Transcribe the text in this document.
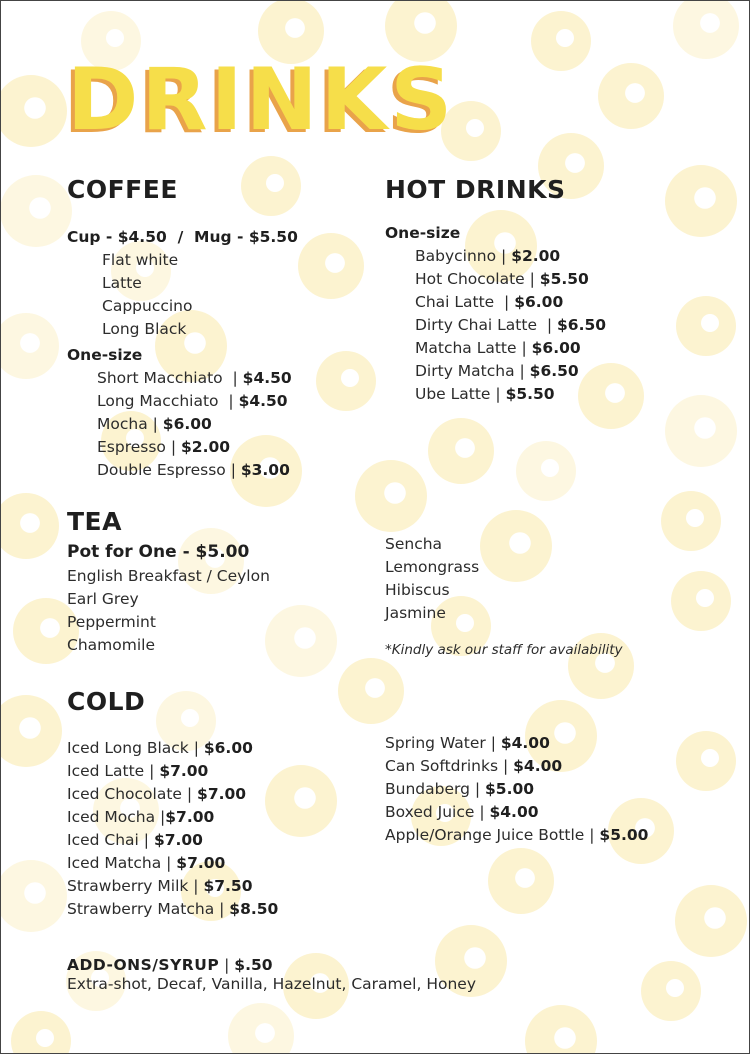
DRINKS
COFFEE
Cup - $4.50  /  Mug - $5.50
Flat white
Latte
Cappuccino
Long Black
One-size
Short Macchiato  | $4.50
Long Macchiato  | $4.50
Mocha | $6.00
Espresso | $2.00
Double Espresso | $3.00
HOT DRINKS
One-size
Babycinno | $2.00
Hot Chocolate | $5.50
Chai Latte  | $6.00
Dirty Chai Latte  | $6.50
Matcha Latte | $6.00
Dirty Matcha | $6.50
Ube Latte | $5.50
TEA
Pot for One - $5.00
English Breakfast / Ceylon
Earl Grey
Peppermint
Chamomile
Sencha
Lemongrass
Hibiscus
Jasmine
*Kindly ask our staff for availability
COLD
Iced Long Black | $6.00
Iced Latte | $7.00
Iced Chocolate | $7.00
Iced Mocha |$7.00
Iced Chai | $7.00
Iced Matcha | $7.00
Strawberry Milk | $7.50
Strawberry Matcha | $8.50
Spring Water | $4.00
Can Softdrinks | $4.00
Bundaberg | $5.00
Boxed Juice | $4.00
Apple/Orange Juice Bottle | $5.00
ADD-ONS/SYRUP | $.50
Extra-shot, Decaf, Vanilla, Hazelnut, Caramel, Honey
